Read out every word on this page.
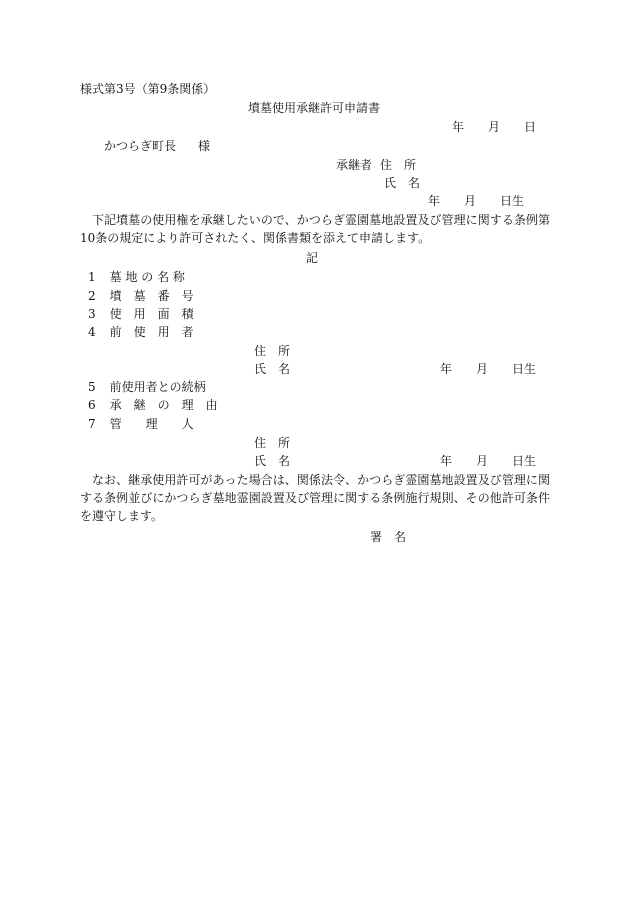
様式第3号（第9条関係）
墳墓使用承継許可申請書
年 月 日
かつらぎ町長 様
承継者 住　所
氏　名
年 月 日生
下記墳墓の使用権を承継したいので、かつらぎ霊園墓地設置及び管理に関する条例第10条の規定により許可されたく、関係書類を添えて申請します。
記
1 墓 地 の 名 称
2 墳　墓　番　号
3 使　用　面　積
4 前　使　用　者
住　所
氏　名	年 月 日生
5 前使用者との続柄
6 承　継　の　理　由
7 管　　理　　人
住　所
氏　名	年 月 日生
なお、継承使用許可があった場合は、関係法令、かつらぎ霊園墓地設置及び管理に関する条例並びにかつらぎ墓地霊園設置及び管理に関する条例施行規則、その他許可条件を遵守します。
署　名
